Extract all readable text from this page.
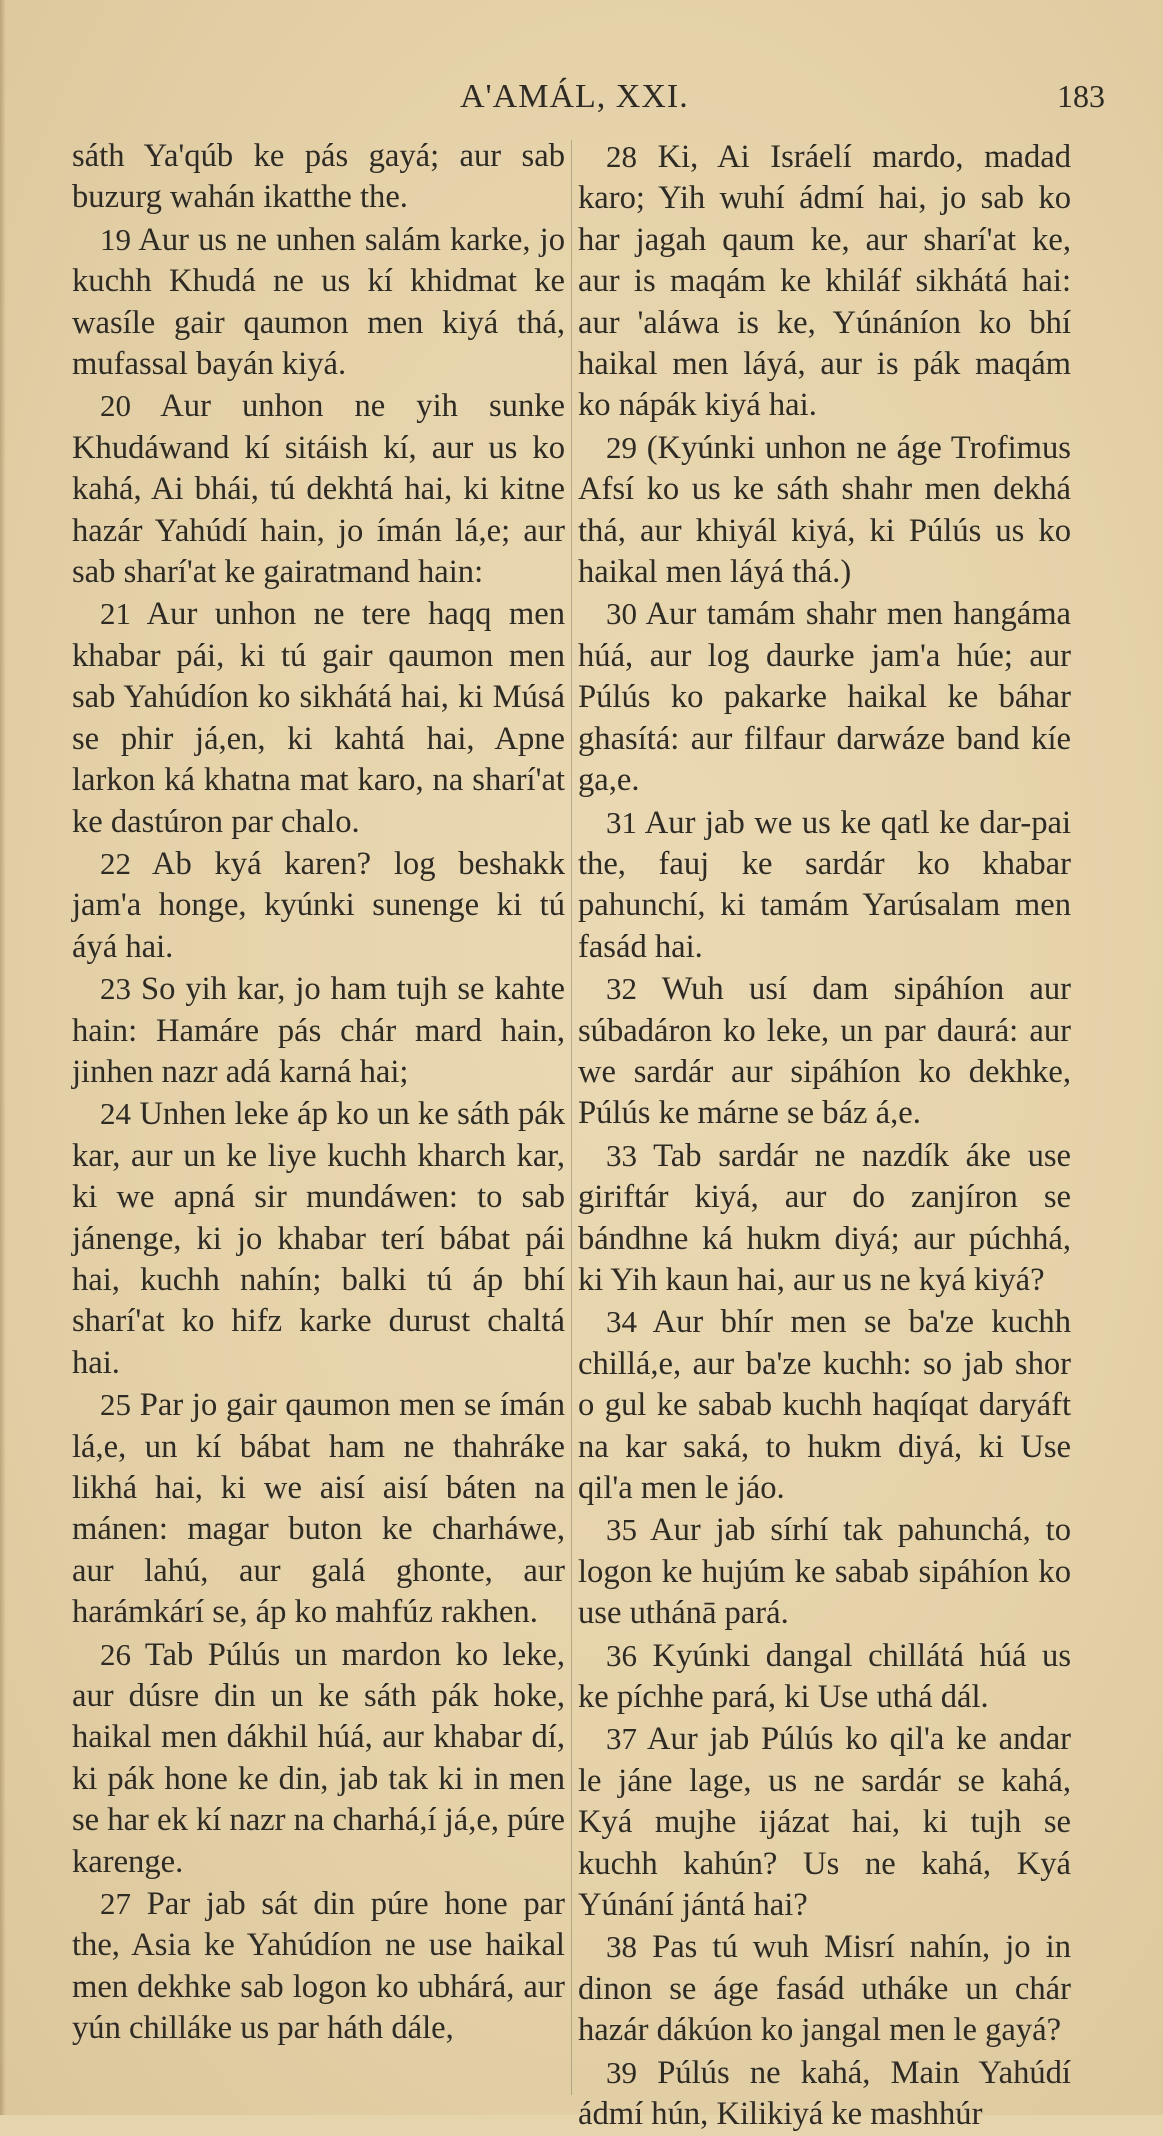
A'AMÁL, XXI.	183

sáth Ya'qúb ke pás gayá; aur sab buzurg wahán ikatthe the.

19 Aur us ne unhen salám karke, jo kuchh Khudá ne us kí khidmat ke wasíle gair qaumon men kiyá thá, mufassal bayán kiyá.

20 Aur unhon ne yih sunke Khudáwand kí sitáish kí, aur us ko kahá, Ai bhái, tú dekhtá hai, ki kitne hazár Yahúdí hain, jo ímán lá,e; aur sab sharí'at ke gairatmand hain:

21 Aur unhon ne tere haqq men khabar pái, ki tú gair qaumon men sab Yahúdíon ko sikhátá hai, ki Músá se phir já,en, ki kahtá hai, Apne larkon ká khatna mat karo, na sharí'at ke dastúron par chalo.

22 Ab kyá karen? log beshakk jam'a honge, kyúnki sunenge ki tú áyá hai.

23 So yih kar, jo ham tujh se kahte hain: Hamáre pás chár mard hain, jinhen nazr adá karná hai;

24 Unhen leke áp ko un ke sáth pák kar, aur un ke liye kuchh kharch kar, ki we apná sir mundáwen: to sab jánenge, ki jo khabar terí bábat pái hai, kuchh nahín; balki tú áp bhí sharí'at ko hifz karke durust chaltá hai.

25 Par jo gair qaumon men se ímán lá,e, un kí bábat ham ne thahráke likhá hai, ki we aisí aisí báten na mánen: magar buton ke charháwe, aur lahú, aur galá ghonte, aur harámkárí se, áp ko mahfúz rakhen.

26 Tab Púlús un mardon ko leke, aur dúsre din un ke sáth pák hoke, haikal men dákhil húá, aur khabar dí, ki pák hone ke din, jab tak ki in men se har ek kí nazr na charhá,í já,e, púre karenge.

27 Par jab sát din púre hone par the, Asia ke Yahúdíon ne use haikal men dekhke sab logon ko ubhárá, aur yún chilláke us par háth dále,

28 Ki, Ai Isráelí mardo, madad karo; Yih wuhí ádmí hai, jo sab ko har jagah qaum ke, aur sharí'at ke, aur is maqám ke khiláf sikhátá hai: aur 'aláwa is ke, Yúnáníon ko bhí haikal men láyá, aur is pák maqám ko nápák kiyá hai.

29 (Kyúnki unhon ne áge Trofimus Afsí ko us ke sáth shahr men dekhá thá, aur khiyál kiyá, ki Púlús us ko haikal men láyá thá.)

30 Aur tamám shahr men hangáma húá, aur log daurke jam'a húe; aur Púlús ko pakarke haikal ke báhar ghasítá: aur filfaur darwáze band kíe ga,e.

31 Aur jab we us ke qatl ke dar-pai the, fauj ke sardár ko khabar pahunchí, ki tamám Yarúsalam men fasád hai.

32 Wuh usí dam sipáhíon aur súbadáron ko leke, un par daurá: aur we sardár aur sipáhíon ko dekhke, Púlús ke márne se báz á,e.

33 Tab sardár ne nazdík áke use giriftár kiyá, aur do zanjíron se bándhne ká hukm diyá; aur púchhá, ki Yih kaun hai, aur us ne kyá kiyá?

34 Aur bhír men se ba'ze kuchh chillá,e, aur ba'ze kuchh: so jab shor o gul ke sabab kuchh haqíqat daryáft na kar saká, to hukm diyá, ki Use qil'a men le jáo.

35 Aur jab sírhí tak pahunchá, to logon ke hujúm ke sabab sipáhíon ko use uthánā pará.

36 Kyúnki dangal chillátá húá us ke píchhe pará, ki Use uthá dál.

37 Aur jab Púlús ko qil'a ke andar le jáne lage, us ne sardár se kahá, Kyá mujhe ijázat hai, ki tujh se kuchh kahún? Us ne kahá, Kyá Yúnání jántá hai?

38 Pas tú wuh Misrí nahín, jo in dinon se áge fasád utháke un chár hazár dákúon ko jangal men le gayá?

39 Púlús ne kahá, Main Yahúdí ádmí hún, Kilikiyá ke mashhúr
